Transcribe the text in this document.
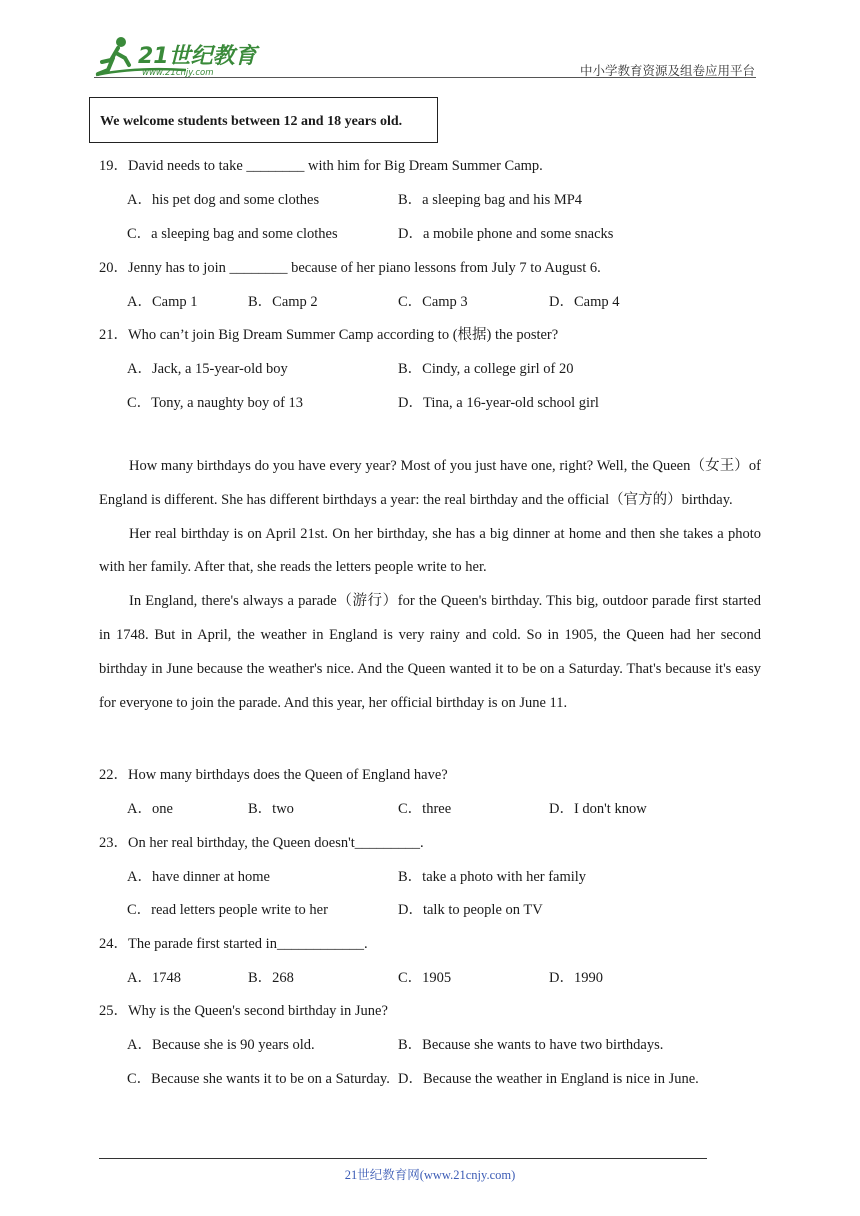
21世纪教育
www.21cnjy.com	中小学教育资源及组卷应用平台
We welcome students between 12 and 18 years old.
19．David needs to take ________ with him for Big Dream Summer Camp.
A．his pet dog and some clothes	B．a sleeping bag and his MP4
C．a sleeping bag and some clothes	D．a mobile phone and some snacks
20．Jenny has to join ________ because of her piano lessons from July 7 to August 6.
A．Camp 1	B．Camp 2	C．Camp 3	D．Camp 4
21．Who can’t join Big Dream Summer Camp according to (根据) the poster?
A．Jack, a 15-year-old boy	B．Cindy, a college girl of 20
C．Tony, a naughty boy of 13	D．Tina, a 16-year-old school girl

How many birthdays do you have every year? Most of you just have one, right? Well, the Queen（女王）of England is different. She has different birthdays a year: the real birthday and the official（官方的）birthday.

Her real birthday is on April 21st. On her birthday, she has a big dinner at home and then she takes a photo with her family. After that, she reads the letters people write to her.

In England, there's always a parade（游行）for the Queen's birthday. This big, outdoor parade first started in 1748. But in April, the weather in England is very rainy and cold. So in 1905, the Queen had her second birthday in June because the weather's nice. And the Queen wanted it to be on a Saturday. That's because it's easy for everyone to join the parade. And this year, her official birthday is on June 11.

22．How many birthdays does the Queen of England have?
A．one	B．two	C．three	D．I don't know
23．On her real birthday, the Queen doesn't_________.
A．have dinner at home	B．take a photo with her family
C．read letters people write to her	D．talk to people on TV
24．The parade first started in____________.
A．1748	B．268	C．1905	D．1990
25．Why is the Queen's second birthday in June?
A．Because she is 90 years old.	B．Because she wants to have two birthdays.
C．Because she wants it to be on a Saturday. D．Because the weather in England is nice in June.
21世纪教育网(www.21cnjy.com)
